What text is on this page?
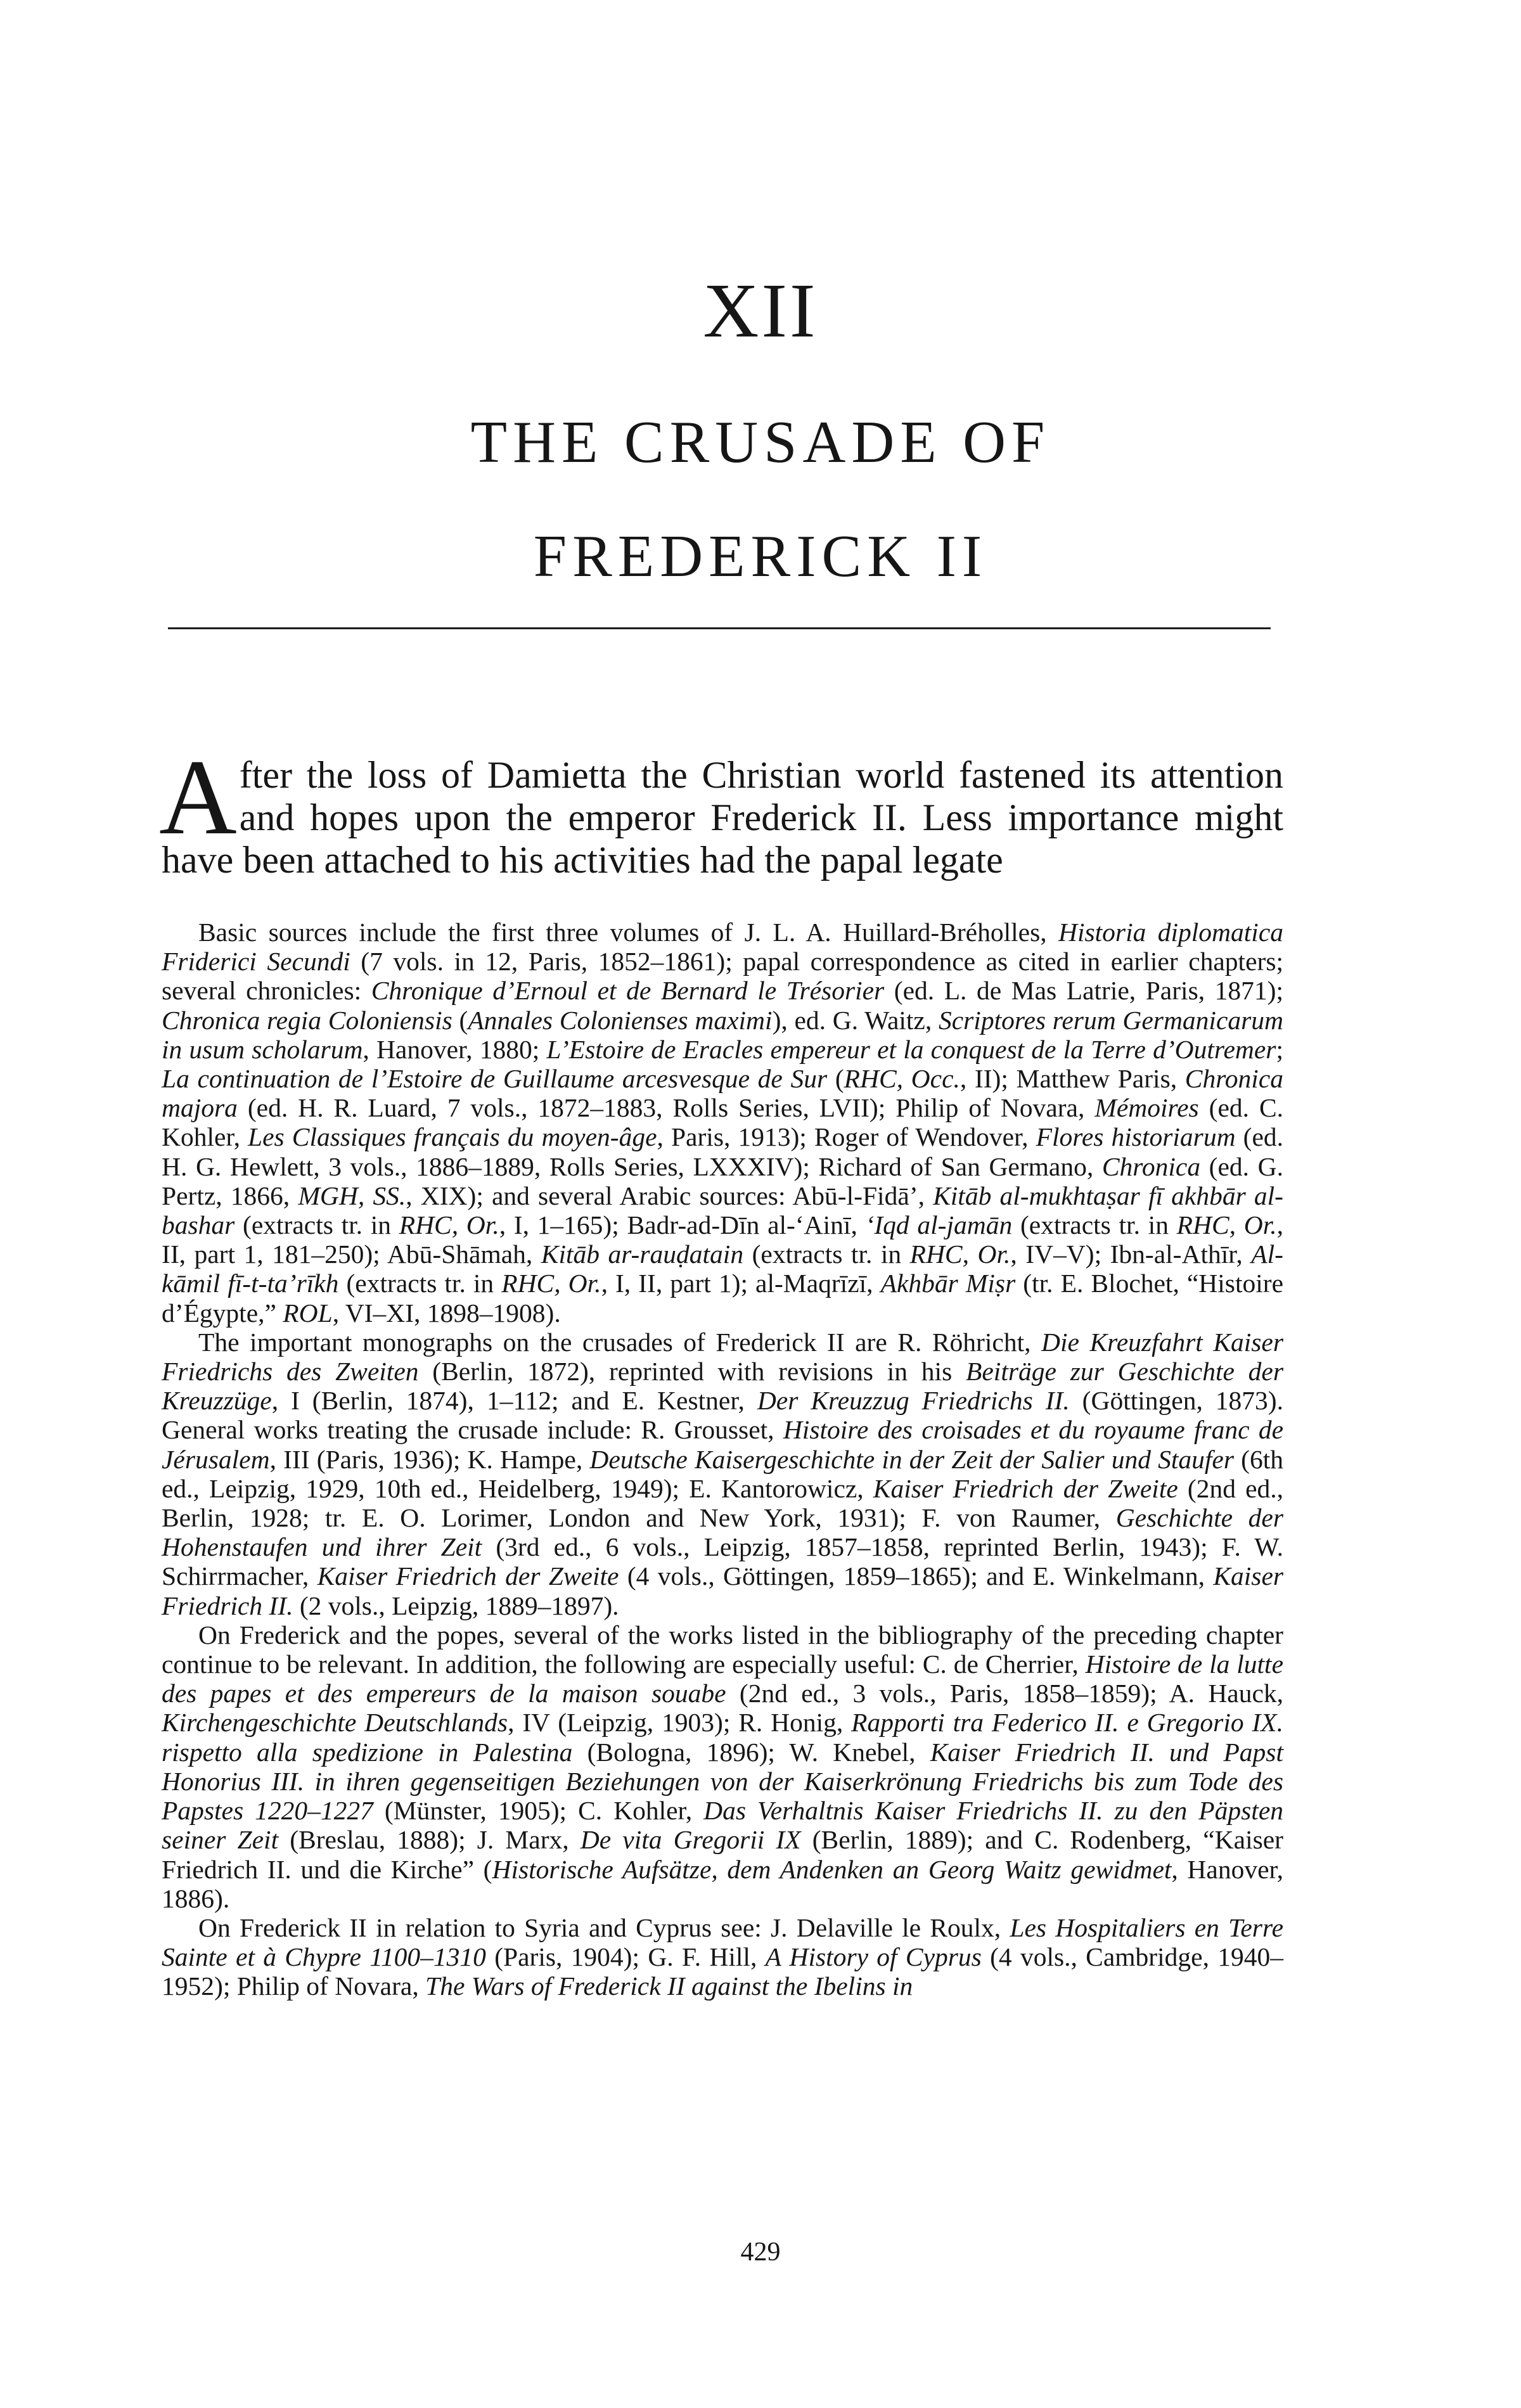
XII
THE CRUSADE OF
FREDERICK II
After the loss of Damietta the Christian world fastened its attention and hopes upon the emperor Frederick II. Less importance might have been attached to his activities had the papal legate

Basic sources include the first three volumes of J. L. A. Huillard-Bréholles, Historia diplomatica Friderici Secundi (7 vols. in 12, Paris, 1852–1861); papal correspondence as cited in earlier chapters; several chronicles: Chronique d’Ernoul et de Bernard le Trésorier (ed. L. de Mas Latrie, Paris, 1871); Chronica regia Coloniensis (Annales Colonienses maximi), ed. G. Waitz, Scriptores rerum Germanicarum in usum scholarum, Hanover, 1880; L’Estoire de Eracles empereur et la conquest de la Terre d’Outremer; La continuation de l’Estoire de Guillaume arcesvesque de Sur (RHC, Occ., II); Matthew Paris, Chronica majora (ed. H. R. Luard, 7 vols., 1872–1883, Rolls Series, LVII); Philip of Novara, Mémoires (ed. C. Kohler, Les Classiques français du moyen-âge, Paris, 1913); Roger of Wendover, Flores historiarum (ed. H. G. Hewlett, 3 vols., 1886–1889, Rolls Series, LXXXIV); Richard of San Germano, Chronica (ed. G. Pertz, 1866, MGH, SS., XIX); and several Arabic sources: Abū-l-Fidā’, Kitāb al-mukhtaṣar fī akhbār al-bashar (extracts tr. in RHC, Or., I, 1–165); Badr-ad-Dīn al-‘Ainī, ‘Iqd al-jamān (extracts tr. in RHC, Or., II, part 1, 181–250); Abū-Shāmah, Kitāb ar-rauḍatain (extracts tr. in RHC, Or., IV–V); Ibn-al-Athīr, Al-kāmil fī-t-ta’rīkh (extracts tr. in RHC, Or., I, II, part 1); al-Maqrīzī, Akhbār Miṣr (tr. E. Blochet, “Histoire d’Égypte,” ROL, VI–XI, 1898–1908).

The important monographs on the crusades of Frederick II are R. Röhricht, Die Kreuzfahrt Kaiser Friedrichs des Zweiten (Berlin, 1872), reprinted with revisions in his Beiträge zur Geschichte der Kreuzzüge, I (Berlin, 1874), 1–112; and E. Kestner, Der Kreuzzug Friedrichs II. (Göttingen, 1873). General works treating the crusade include: R. Grousset, Histoire des croisades et du royaume franc de Jérusalem, III (Paris, 1936); K. Hampe, Deutsche Kaisergeschichte in der Zeit der Salier und Staufer (6th ed., Leipzig, 1929, 10th ed., Heidelberg, 1949); E. Kantorowicz, Kaiser Friedrich der Zweite (2nd ed., Berlin, 1928; tr. E. O. Lorimer, London and New York, 1931); F. von Raumer, Geschichte der Hohenstaufen und ihrer Zeit (3rd ed., 6 vols., Leipzig, 1857–1858, reprinted Berlin, 1943); F. W. Schirrmacher, Kaiser Friedrich der Zweite (4 vols., Göttingen, 1859–1865); and E. Winkelmann, Kaiser Friedrich II. (2 vols., Leipzig, 1889–1897).

On Frederick and the popes, several of the works listed in the bibliography of the preceding chapter continue to be relevant. In addition, the following are especially useful: C. de Cherrier, Histoire de la lutte des papes et des empereurs de la maison souabe (2nd ed., 3 vols., Paris, 1858–1859); A. Hauck, Kirchengeschichte Deutschlands, IV (Leipzig, 1903); R. Honig, Rapporti tra Federico II. e Gregorio IX. rispetto alla spedizione in Palestina (Bologna, 1896); W. Knebel, Kaiser Friedrich II. und Papst Honorius III. in ihren gegenseitigen Beziehungen von der Kaiserkrönung Friedrichs bis zum Tode des Papstes 1220–1227 (Münster, 1905); C. Kohler, Das Verhaltnis Kaiser Friedrichs II. zu den Päpsten seiner Zeit (Breslau, 1888); J. Marx, De vita Gregorii IX (Berlin, 1889); and C. Rodenberg, “Kaiser Friedrich II. und die Kirche” (Historische Aufsätze, dem Andenken an Georg Waitz gewidmet, Hanover, 1886).

On Frederick II in relation to Syria and Cyprus see: J. Delaville le Roulx, Les Hospitaliers en Terre Sainte et à Chypre 1100–1310 (Paris, 1904); G. F. Hill, A History of Cyprus (4 vols., Cambridge, 1940–1952); Philip of Novara, The Wars of Frederick II against the Ibelins in

429
